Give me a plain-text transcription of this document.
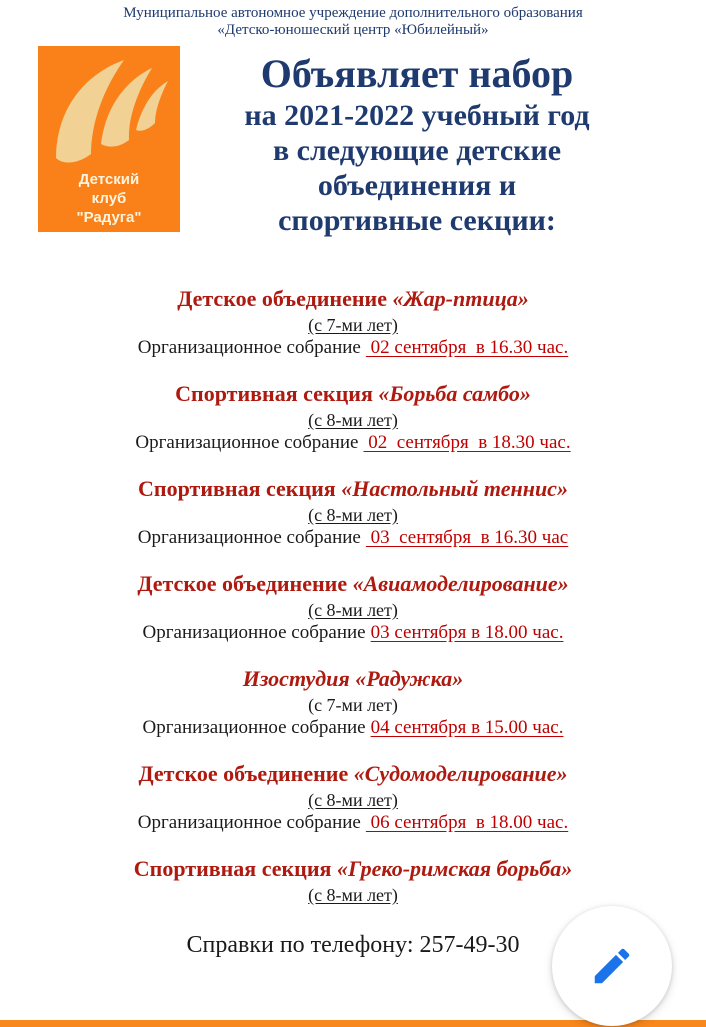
Муниципальное автономное учреждение дополнительного образования
«Детско-юношеский центр «Юбилейный»
Детский
клуб
"Радуга"
Объявляет набор
на 2021-2022 учебный год
в следующие детские
объединения и
спортивные секции:
Детское объединение «Жар-птица»
(с 7-ми лет)
Организационное собрание 02 сентября  в 16.30 час.
Спортивная секция «Борьба самбо»
(с 8-ми лет)
Организационное собрание 02  сентября  в 18.30 час.
Спортивная секция «Настольный теннис»
(с 8-ми лет)
Организационное собрание 03  сентября  в 16.30 час
Детское объединение «Авиамоделирование»
(с 8-ми лет)
Организационное собрание 03 сентября в 18.00 час.
Изостудия «Радужка»
(с 7-ми лет)
Организационное собрание 04 сентября в 15.00 час.
Детское объединение «Судомоделирование»
(с 8-ми лет)
Организационное собрание 06 сентября  в 18.00 час.
Спортивная секция «Греко-римская борьба»
(с 8-ми лет)
Справки по телефону: 257-49-30
